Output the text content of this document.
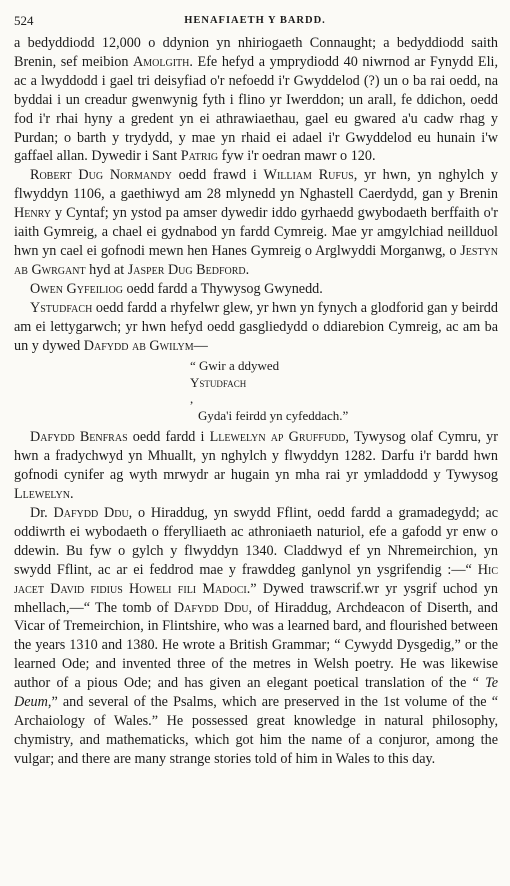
524	HENAFIAETH Y BARDD.

a bedyddiodd 12,000 o ddynion yn nhiriogaeth Connaught; a bedyddiodd saith Brenin, sef meibion Amolgith. Efe hefyd a ymprydiodd 40 niwrnod ar Fynydd Eli, ac a lwyddodd i gael tri deisyfiad o'r nefoedd i'r Gwyddelod (?) un o ba rai oedd, na byddai i un creadur gwenwynig fyth i flino yr Iwerddon; un arall, fe ddichon, oedd fod i'r rhai hyny a gredent yn ei athrawiaethau, gael eu gwared a'u cadw rhag y Purdan; o barth y trydydd, y mae yn rhaid ei adael i'r Gwyddelod eu hunain i'w gaffael allan. Dywedir i Sant Patrig fyw i'r oedran mawr o 120.

Robert Dug Normandy oedd frawd i William Rufus, yr hwn, yn nghylch y flwyddyn 1106, a gaethiwyd am 28 mlynedd yn Nghastell Caerdydd, gan y Brenin Henry y Cyntaf; yn ystod pa amser dywedir iddo gyrhaedd gwybodaeth berffaith o'r iaith Gymreig, a chael ei gydnabod yn fardd Cymreig. Mae yr amgylchiad neillduol hwn yn cael ei gofnodi mewn hen Hanes Gymreig o Arglwyddi Morganwg, o Jestyn ab Gwrgant hyd at Jasper Dug Bedford.

Owen Gyfeiliog oedd fardd a Thywysog Gwynedd.

Ystudfach oedd fardd a rhyfelwr glew, yr hwn yn fynych a glodforid gan y beirdd am ei lettygarwch; yr hwn hefyd oedd gasgliedydd o ddiarebion Cymreig, ac am ba un y dywed Dafydd ab Gwilym—

“ Gwir a ddywed
Ystudfach
,
Gyda'i feirdd yn cyfeddach.”

Dafydd Benfras oedd fardd i Llewelyn ap Gruffudd, Tywysog olaf Cymru, yr hwn a fradychwyd yn Mhuallt, yn nghylch y flwyddyn 1282. Darfu i'r bardd hwn gofnodi cynifer ag wyth mrwydr ar hugain yn mha rai yr ymladdodd y Tywysog Llewelyn.

Dr. Dafydd Ddu, o Hiraddug, yn swydd Fflint, oedd fardd a gramadegydd; ac oddiwrth ei wybodaeth o fferylliaeth ac athroniaeth naturiol, efe a gafodd yr enw o ddewin. Bu fyw o gylch y flwyddyn 1340. Claddwyd ef yn Nhremeirchion, yn swydd Fflint, ac ar ei feddrod mae y frawddeg ganlynol yn ysgrifendig :—“ Hic jacet David fidius Howeli fili Madoci.” Dywed trawscrif.wr yr ysgrif uchod yn mhellach,—“ The tomb of Dafydd Ddu, of Hiraddug, Archdeacon of Diserth, and Vicar of Tremeirchion, in Flintshire, who was a learned bard, and flourished between the years 1310 and 1380. He wrote a British Grammar; “ Cywydd Dysgedig,” or the learned Ode; and invented three of the metres in Welsh poetry. He was likewise author of a pious Ode; and has given an elegant poetical translation of the “ Te Deum,” and several of the Psalms, which are preserved in the 1st volume of the “ Archaiology of Wales.” He possessed great knowledge in natural philosophy, chymistry, and mathematicks, which got him the name of a conjuror, among the vulgar; and there are many strange stories told of him in Wales to this day.
